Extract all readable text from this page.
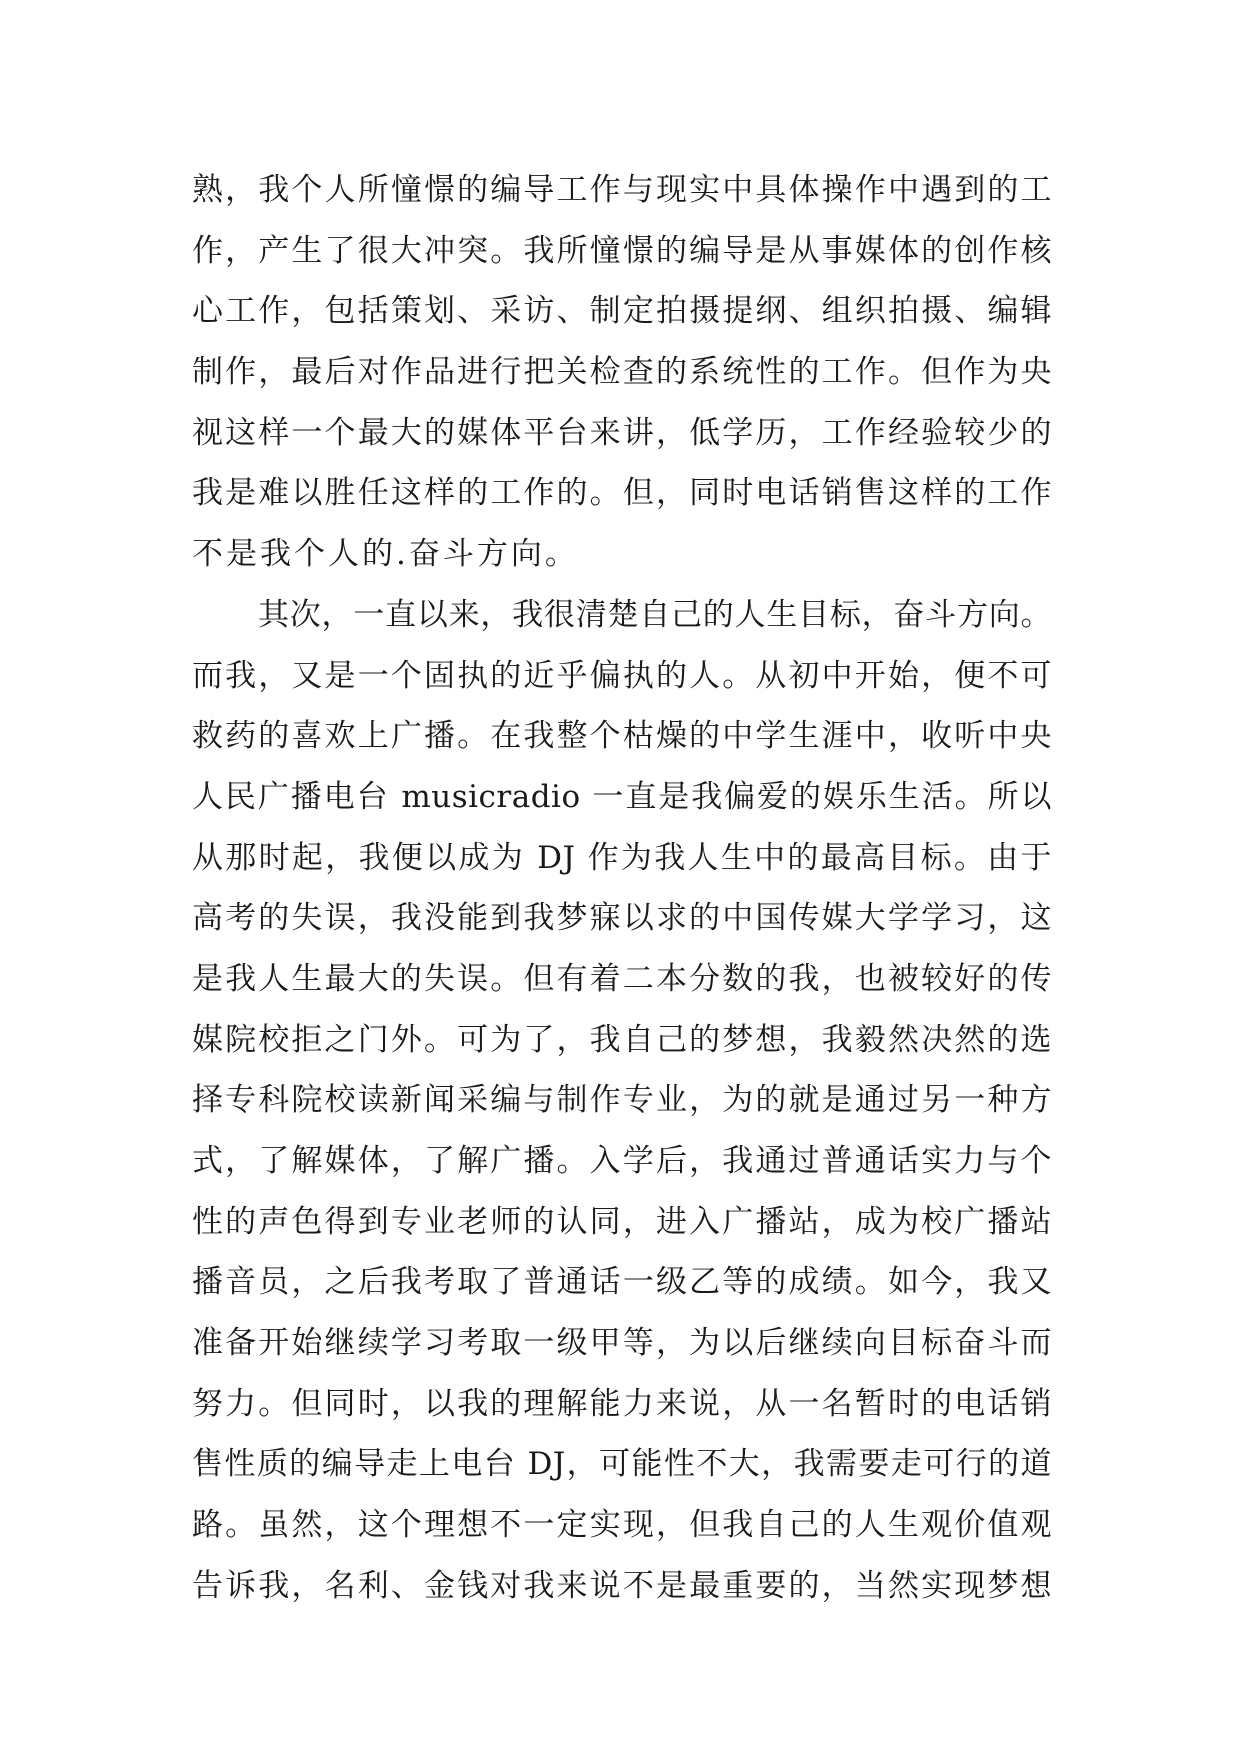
熟，我个人所憧憬的编导工作与现实中具体操作中遇到的工
作，产生了很大冲突。我所憧憬的编导是从事媒体的创作核
心工作，包括策划、采访、制定拍摄提纲、组织拍摄、编辑
制作，最后对作品进行把关检查的系统性的工作。但作为央
视这样一个最大的媒体平台来讲，低学历，工作经验较少的
我是难以胜任这样的工作的。但，同时电话销售这样的工作
不是我个人的.奋斗方向。
其次，一直以来，我很清楚自己的人生目标，奋斗方向。
而我，又是一个固执的近乎偏执的人。从初中开始，便不可
救药的喜欢上广播。在我整个枯燥的中学生涯中，收听中央
人民广播电台 musicradio 一直是我偏爱的娱乐生活。所以
从那时起，我便以成为 DJ 作为我人生中的最高目标。由于
高考的失误，我没能到我梦寐以求的中国传媒大学学习，这
是我人生最大的失误。但有着二本分数的我，也被较好的传
媒院校拒之门外。可为了，我自己的梦想，我毅然决然的选
择专科院校读新闻采编与制作专业，为的就是通过另一种方
式，了解媒体，了解广播。入学后，我通过普通话实力与个
性的声色得到专业老师的认同，进入广播站，成为校广播站
播音员，之后我考取了普通话一级乙等的成绩。如今，我又
准备开始继续学习考取一级甲等，为以后继续向目标奋斗而
努力。但同时，以我的理解能力来说，从一名暂时的电话销
售性质的编导走上电台 DJ，可能性不大，我需要走可行的道
路。虽然，这个理想不一定实现，但我自己的人生观价值观
告诉我，名利、金钱对我来说不是最重要的，当然实现梦想
